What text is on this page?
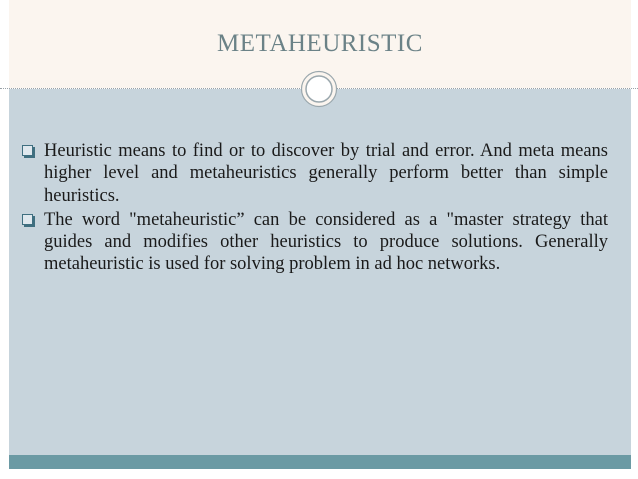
METAHEURISTIC
Heuristic means to find or to discover by trial and error. And meta means higher level and metaheuristics generally perform better than simple heuristics.
The word "metaheuristic” can be considered as a "master strategy that guides and modifies other heuristics to produce solutions. Generally metaheuristic is used for solving problem in ad hoc networks.
